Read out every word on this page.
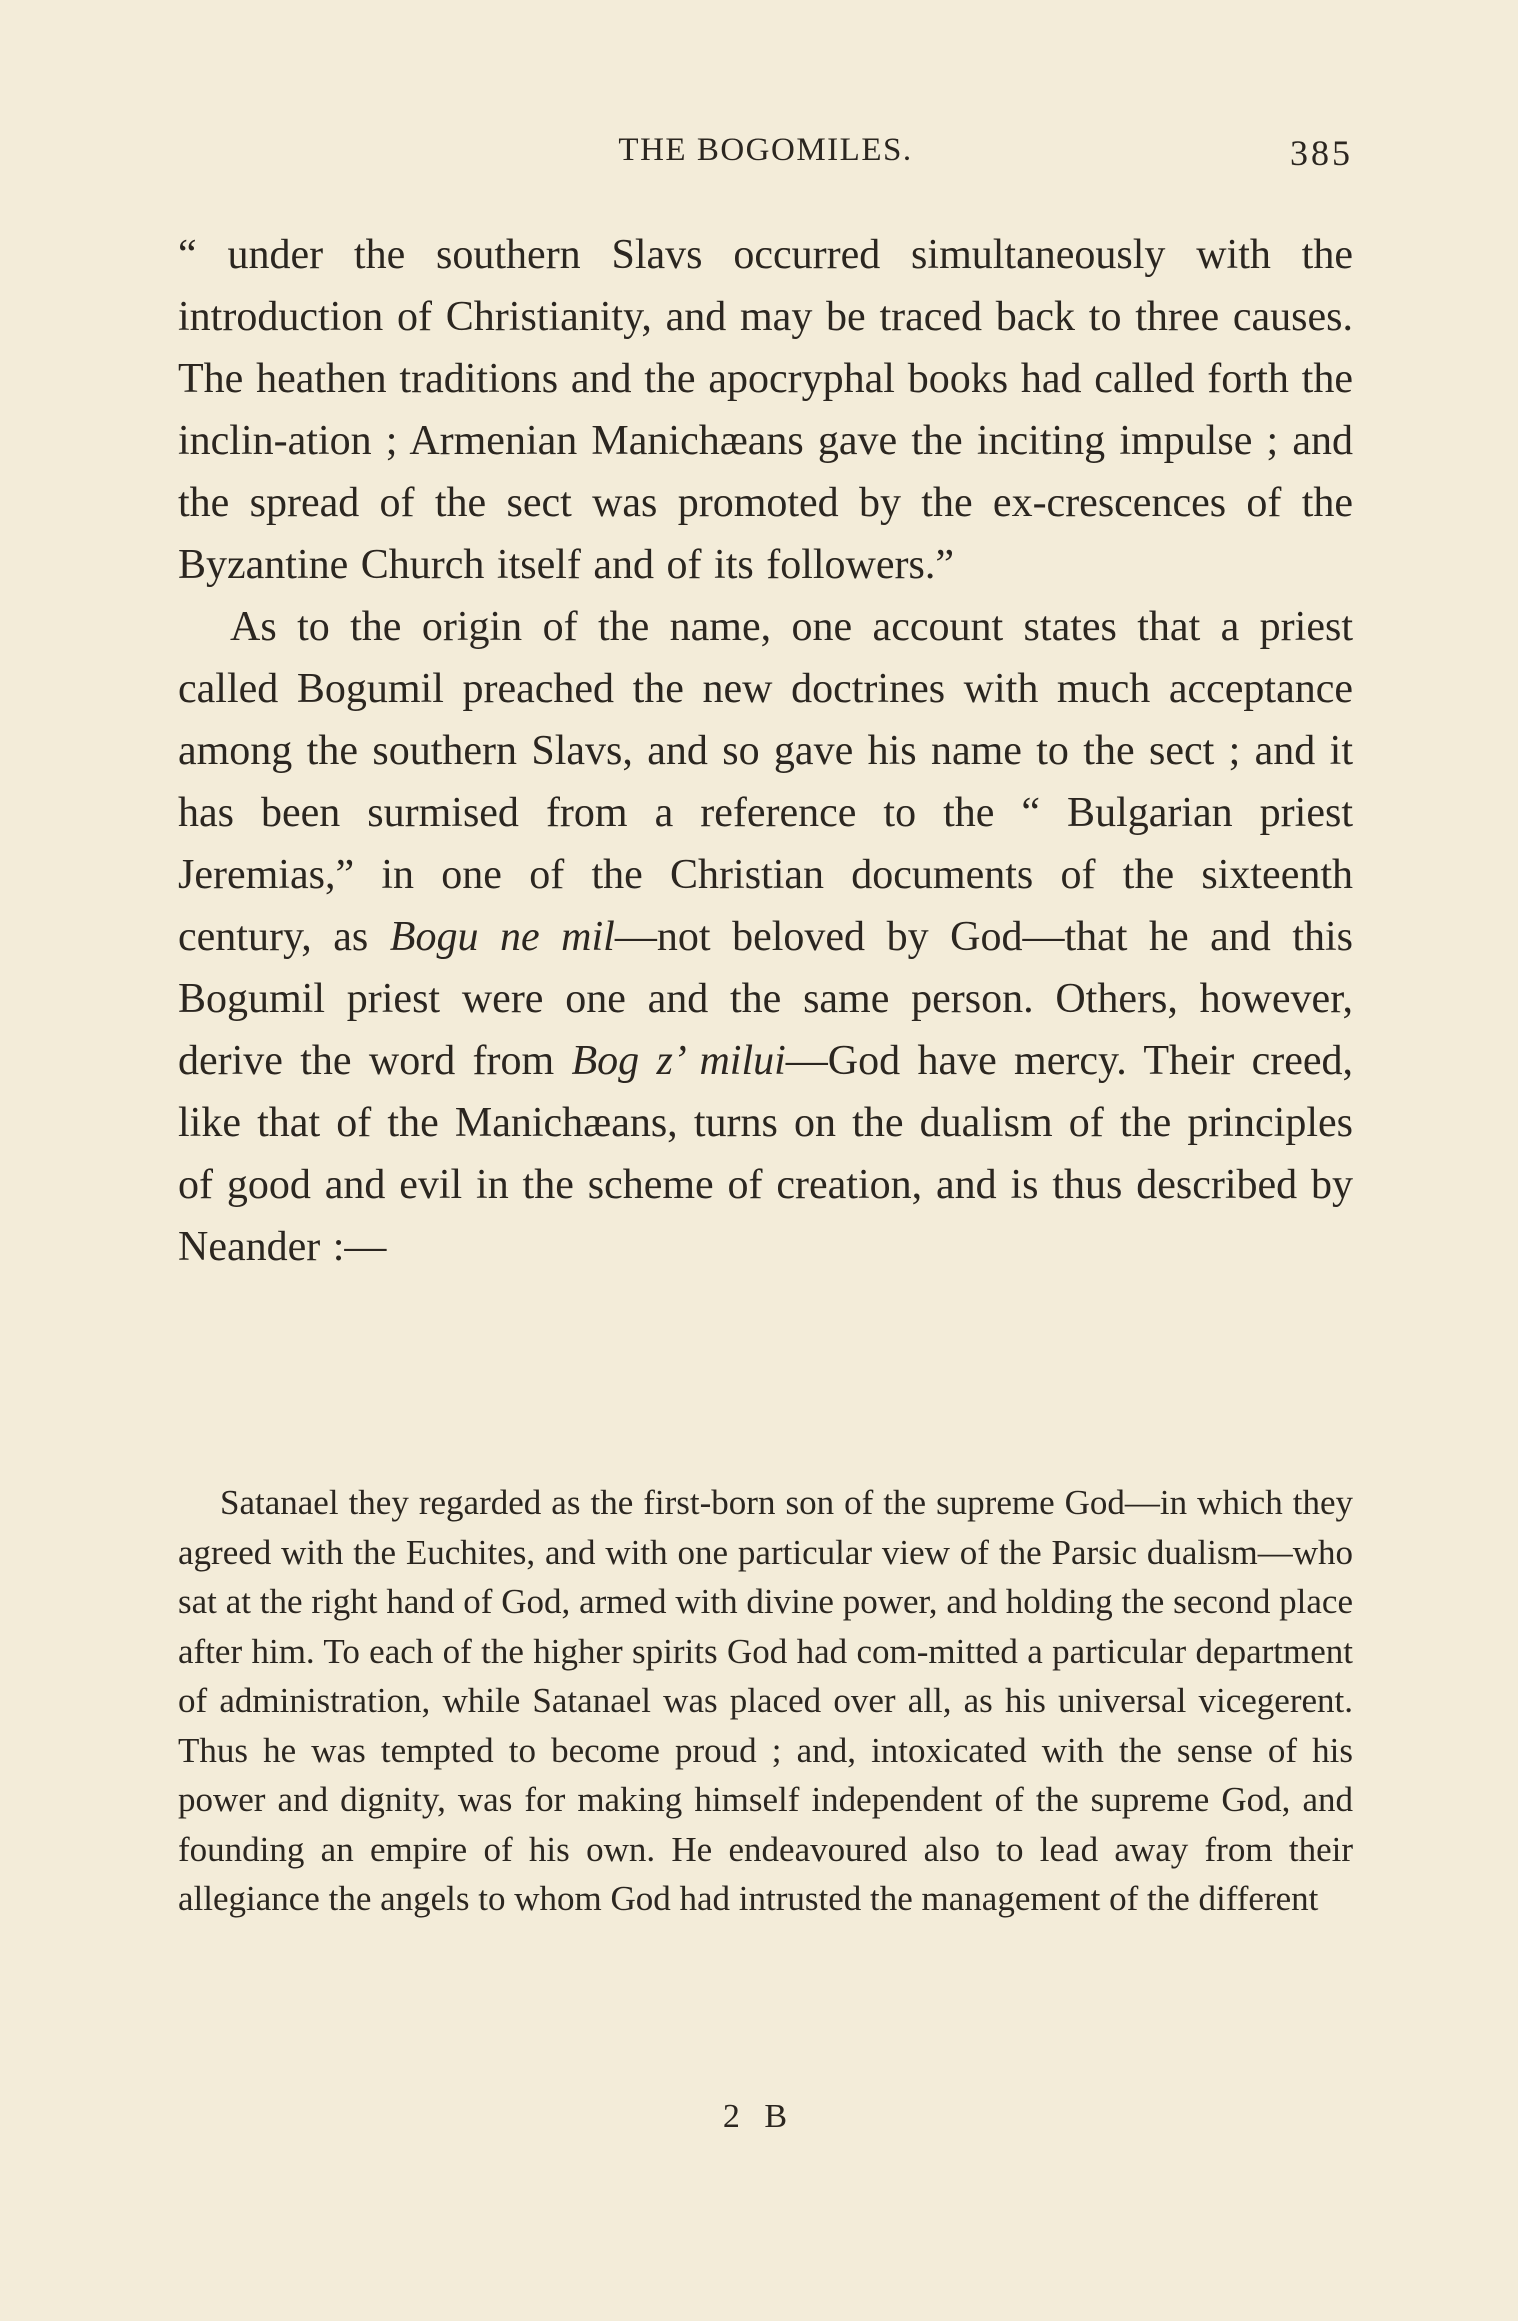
THE BOGOMILES.	385

“ under the southern Slavs occurred simultaneously with the introduction of Christianity, and may be traced back to three causes. The heathen traditions and the apocryphal books had called forth the inclin-ation ; Armenian Manichæans gave the inciting impulse ; and the spread of the sect was promoted by the ex-crescences of the Byzantine Church itself and of its followers.”

As to the origin of the name, one account states that a priest called Bogumil preached the new doctrines with much acceptance among the southern Slavs, and so gave his name to the sect ; and it has been surmised from a reference to the “ Bulgarian priest Jeremias,” in one of the Christian documents of the sixteenth century, as Bogu ne mil—not beloved by God—that he and this Bogumil priest were one and the same person. Others, however, derive the word from Bog z’ milui—God have mercy. Their creed, like that of the Manichæans, turns on the dualism of the principles of good and evil in the scheme of creation, and is thus described by Neander :—

Satanael they regarded as the first-born son of the supreme God—in which they agreed with the Euchites, and with one particular view of the Parsic dualism—who sat at the right hand of God, armed with divine power, and holding the second place after him. To each of the higher spirits God had com-mitted a particular department of administration, while Satanael was placed over all, as his universal vicegerent. Thus he was tempted to become proud ; and, intoxicated with the sense of his power and dignity, was for making himself independent of the supreme God, and founding an empire of his own. He endeavoured also to lead away from their allegiance the angels to whom God had intrusted the management of the different

2 B
